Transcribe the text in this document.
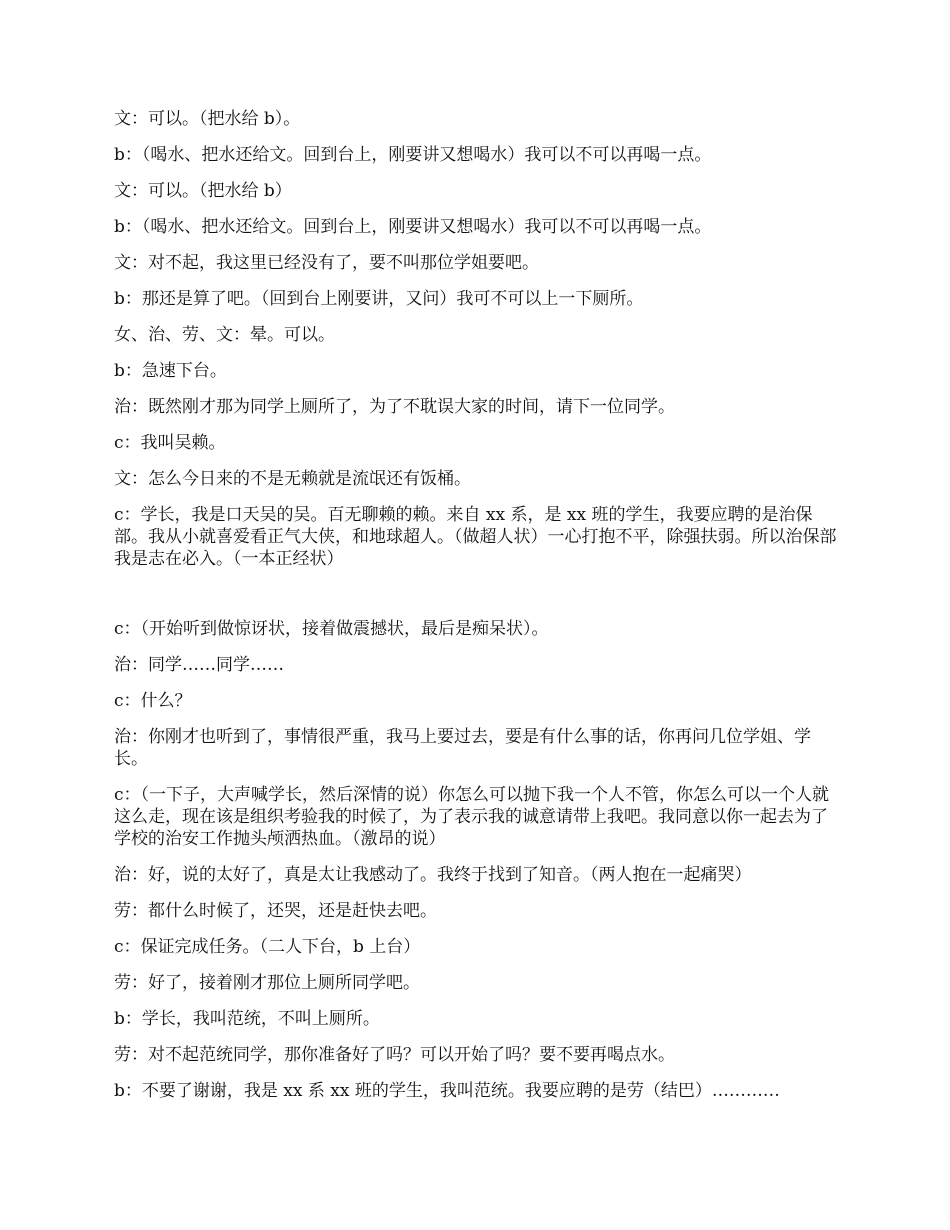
文：可以。（把水给 b）。

b：（喝水、把水还给文。回到台上，刚要讲又想喝水）我可以不可以再喝一点。

文：可以。（把水给 b）

b：（喝水、把水还给文。回到台上，刚要讲又想喝水）我可以不可以再喝一点。

文：对不起，我这里已经没有了，要不叫那位学姐要吧。

b：那还是算了吧。（回到台上刚要讲，又问）我可不可以上一下厕所。

女、治、劳、文：晕。可以。

b：急速下台。

治：既然刚才那为同学上厕所了，为了不耽误大家的时间，请下一位同学。

c：我叫吴赖。

文：怎么今日来的不是无赖就是流氓还有饭桶。

c：学长，我是口天吴的吴。百无聊赖的赖。来自 xx 系，是 xx 班的学生，我要应聘的是治保部。我从小就喜爱看正气大侠，和地球超人。（做超人状）一心打抱不平，除强扶弱。所以治保部我是志在必入。（一本正经状）

c：（开始听到做惊讶状，接着做震撼状，最后是痴呆状）。

治：同学……同学……

c：什么？

治：你刚才也听到了，事情很严重，我马上要过去，要是有什么事的话，你再问几位学姐、学长。

c：（一下子，大声喊学长，然后深情的说）你怎么可以抛下我一个人不管，你怎么可以一个人就这么走，现在该是组织考验我的时候了，为了表示我的诚意请带上我吧。我同意以你一起去为了学校的治安工作抛头颅洒热血。（激昂的说）

治：好，说的太好了，真是太让我感动了。我终于找到了知音。（两人抱在一起痛哭）

劳：都什么时候了，还哭，还是赶快去吧。

c：保证完成任务。（二人下台，b 上台）

劳：好了，接着刚才那位上厕所同学吧。

b：学长，我叫范统，不叫上厕所。

劳：对不起范统同学，那你准备好了吗？可以开始了吗？要不要再喝点水。

b：不要了谢谢，我是 xx 系 xx 班的学生，我叫范统。我要应聘的是劳（结巴）…………
